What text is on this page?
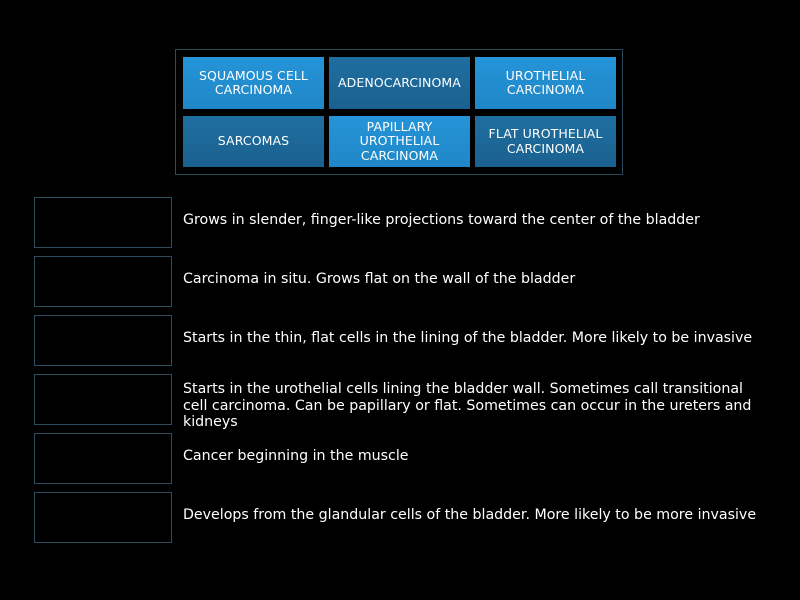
SQUAMOUS CELL CARCINOMA	ADENOCARCINOMA	UROTHELIAL CARCINOMA
SARCOMAS
PAPILLARY UROTHELIAL CARCINOMA
FLAT UROTHELIAL CARCINOMA
Grows in slender, finger-like projections toward the center of the bladder
Carcinoma in situ. Grows flat on the wall of the bladder
Starts in the thin, flat cells in the lining of the bladder. More likely to be invasive
Starts in the urothelial cells lining the bladder wall. Sometimes call transitional cell carcinoma. Can be papillary or flat. Sometimes can occur in the ureters and kidneys
Cancer beginning in the muscle
Develops from the glandular cells of the bladder. More likely to be more invasive
